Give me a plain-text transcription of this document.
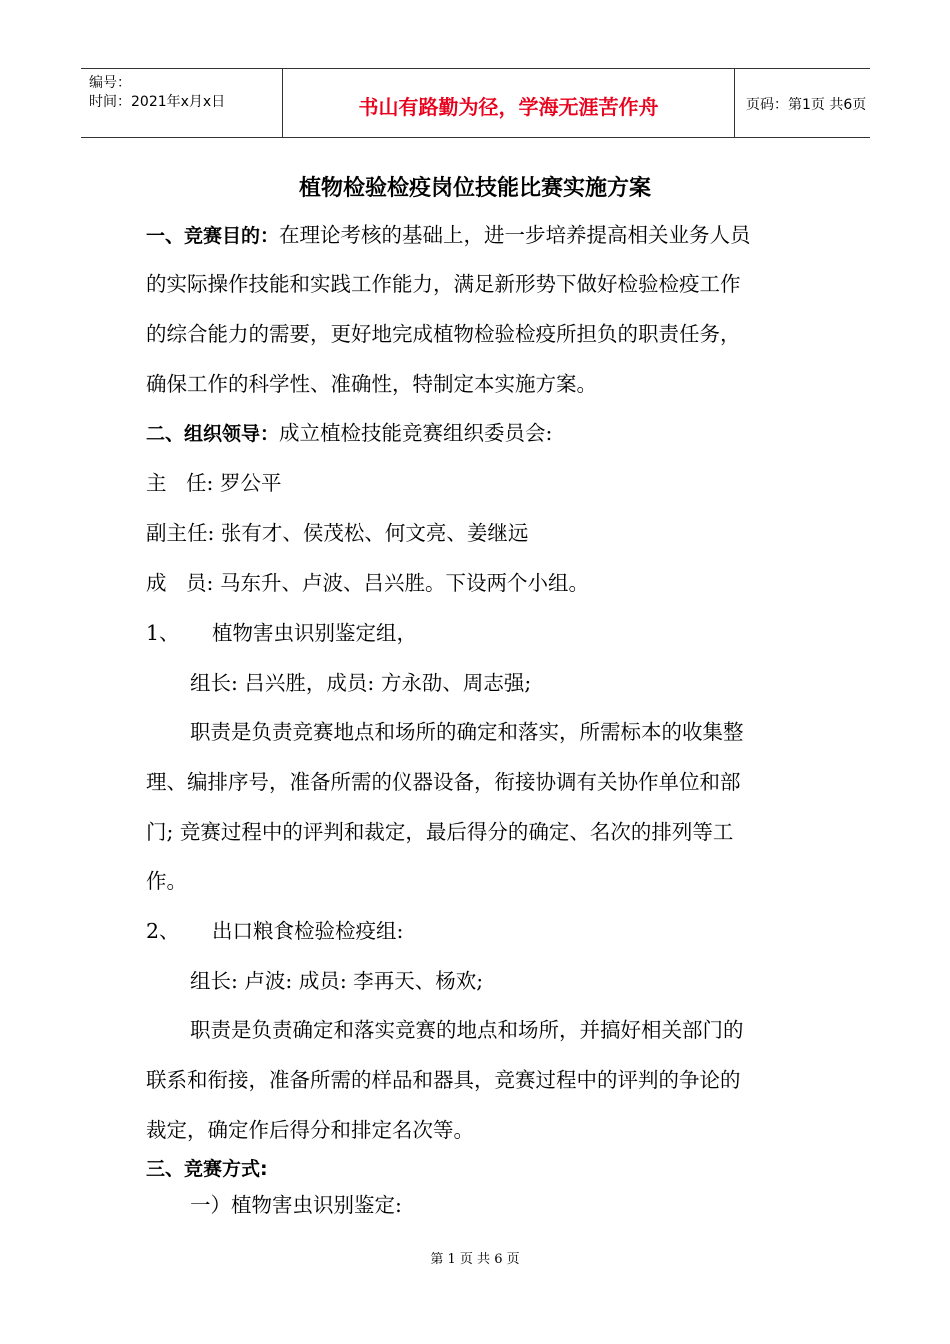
编号：
时间：2021年x月x日	书山有路勤为径，学海无涯苦作舟	页码：第1页 共6页
植物检验检疫岗位技能比赛实施方案
一、竞赛目的：在理论考核的基础上，进一步培养提高相关业务人员
的实际操作技能和实践工作能力，满足新形势下做好检验检疫工作
的综合能力的需要，更好地完成植物检验检疫所担负的职责任务，
确保工作的科学性、准确性，特制定本实施方案。
二、组织领导：成立植检技能竞赛组织委员会:
主   任: 罗公平
副主任: 张有才、侯茂松、何文亮、姜继远
成   员: 马东升、卢波、吕兴胜。下设两个小组。
1、 植物害虫识别鉴定组，
组长: 吕兴胜，成员: 方永劭、周志强;
职责是负责竞赛地点和场所的确定和落实，所需标本的收集整
理、编排序号，准备所需的仪器设备，衔接协调有关协作单位和部
门; 竞赛过程中的评判和裁定，最后得分的确定、名次的排列等工
作。
2、 出口粮食检验检疫组:
组长: 卢波: 成员: 李再天、杨欢;
职责是负责确定和落实竞赛的地点和场所，并搞好相关部门的
联系和衔接，准备所需的样品和器具，竞赛过程中的评判的争论的
裁定，确定作后得分和排定名次等。
三、竞赛方式:
一）植物害虫识别鉴定:
第 1 页 共 6 页
